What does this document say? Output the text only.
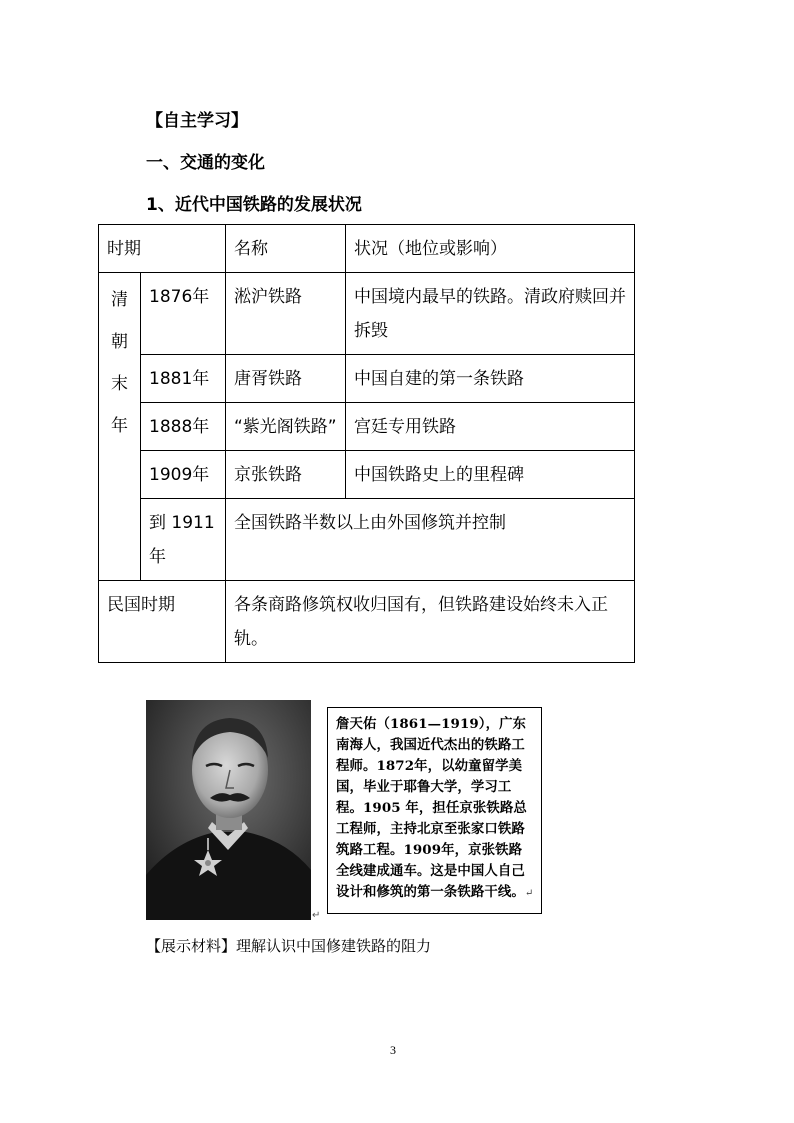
【自主学习】
一、交通的变化
1、近代中国铁路的发展状况
时期		名称	状况（地位或影响）

清
朝
末
年	1876年	淞沪铁路	中国境内最早的铁路。清政府赎回并拆毁
	1881年	唐胥铁路	中国自建的第一条铁路
	1888年	“紫光阁铁路”	宫廷专用铁路
	1909年	京张铁路	中国铁路史上的里程碑
	到 1911年	全国铁路半数以上由外国修筑并控制	
民国时期		各条商路修筑权收归国有，但铁路建设始终未入正轨。	
↵
詹天佑（1861—1919），广东南海人，我国近代杰出的铁路工程师。1872年，以幼童留学美国，毕业于耶鲁大学，学习工程。1905 年，担任京张铁路总工程师，主持北京至张家口铁路筑路工程。1909年，京张铁路全线建成通车。这是中国人自己设计和修筑的第一条铁路干线。↵
【展示材料】理解认识中国修建铁路的阻力
3
